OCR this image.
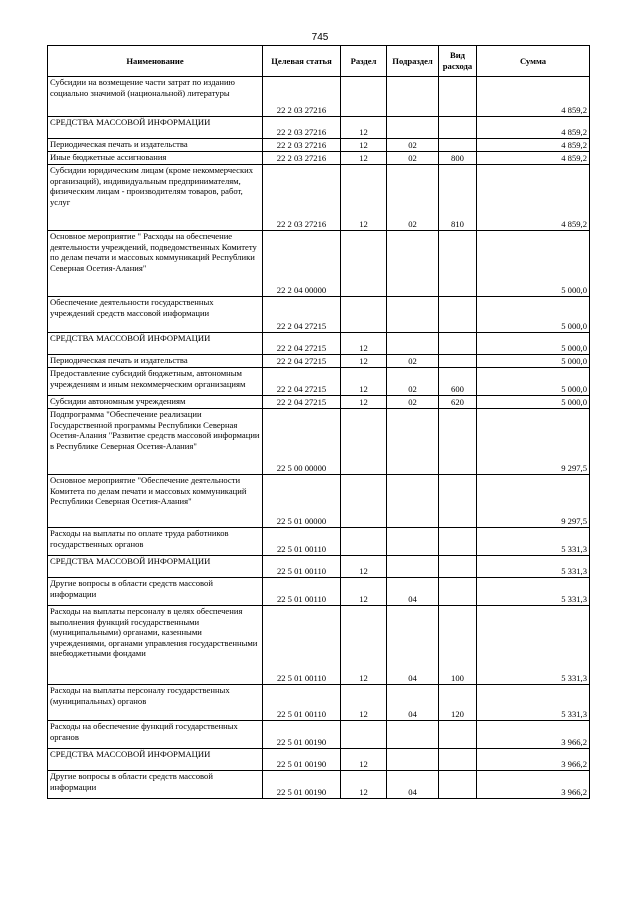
745
Наименование	Целевая статья	Раздел	Подраздел	Вид расхода	Сумма
Субсидии на возмещение части затрат по изданию социально значимой (национальной) литературы	22 2 03 27216				4 859,2
СРЕДСТВА МАССОВОЙ ИНФОРМАЦИИ	22 2 03 27216	12			4 859,2
Периодическая печать и издательства	22 2 03 27216	12	02		4 859,2
Иные бюджетные ассигнования	22 2 03 27216	12	02	800	4 859,2
Субсидии юридическим лицам (кроме некоммерческих организаций), индивидуальным предпринимателям, физическим лицам - производителям товаров, работ, услуг	22 2 03 27216	12	02	810	4 859,2
Основное мероприятие " Расходы на обеспечение деятельности учреждений, подведомственных Комитету по делам печати и массовых коммуникаций Республики Северная Осетия-Алания"	22 2 04 00000				5 000,0
Обеспечение деятельности государственных учреждений средств массовой информации	22 2 04 27215				5 000,0
СРЕДСТВА МАССОВОЙ ИНФОРМАЦИИ	22 2 04 27215	12			5 000,0
Периодическая печать и издательства	22 2 04 27215	12	02		5 000,0
Предоставление субсидий бюджетным, автономным учреждениям и иным некоммерческим организациям	22 2 04 27215	12	02	600	5 000,0
Субсидии автономным учреждениям	22 2 04 27215	12	02	620	5 000,0
Подпрограмма "Обеспечение реализации Государственной программы Республики Северная Осетия-Алания "Развитие средств массовой информации в Республике Северная Осетия-Алания"	22 5 00 00000				9 297,5
Основное мероприятие "Обеспечение деятельности Комитета по делам печати и массовых коммуникаций Республики Северная Осетия-Алания"	22 5 01 00000				9 297,5
Расходы на выплаты по оплате труда работников государственных органов	22 5 01 00110				5 331,3
СРЕДСТВА МАССОВОЙ ИНФОРМАЦИИ	22 5 01 00110	12			5 331,3
Другие вопросы в области средств массовой информации	22 5 01 00110	12	04		5 331,3
Расходы на выплаты персоналу в целях обеспечения выполнения функций государственными (муниципальными) органами, казенными учреждениями, органами управления государственными внебюджетными фондами	22 5 01 00110	12	04	100	5 331,3
Расходы на выплаты персоналу государственных (муниципальных) органов	22 5 01 00110	12	04	120	5 331,3
Расходы на обеспечение функций государственных органов	22 5 01 00190				3 966,2
СРЕДСТВА МАССОВОЙ ИНФОРМАЦИИ	22 5 01 00190	12			3 966,2
Другие вопросы в области средств массовой информации	22 5 01 00190	12	04		3 966,2
